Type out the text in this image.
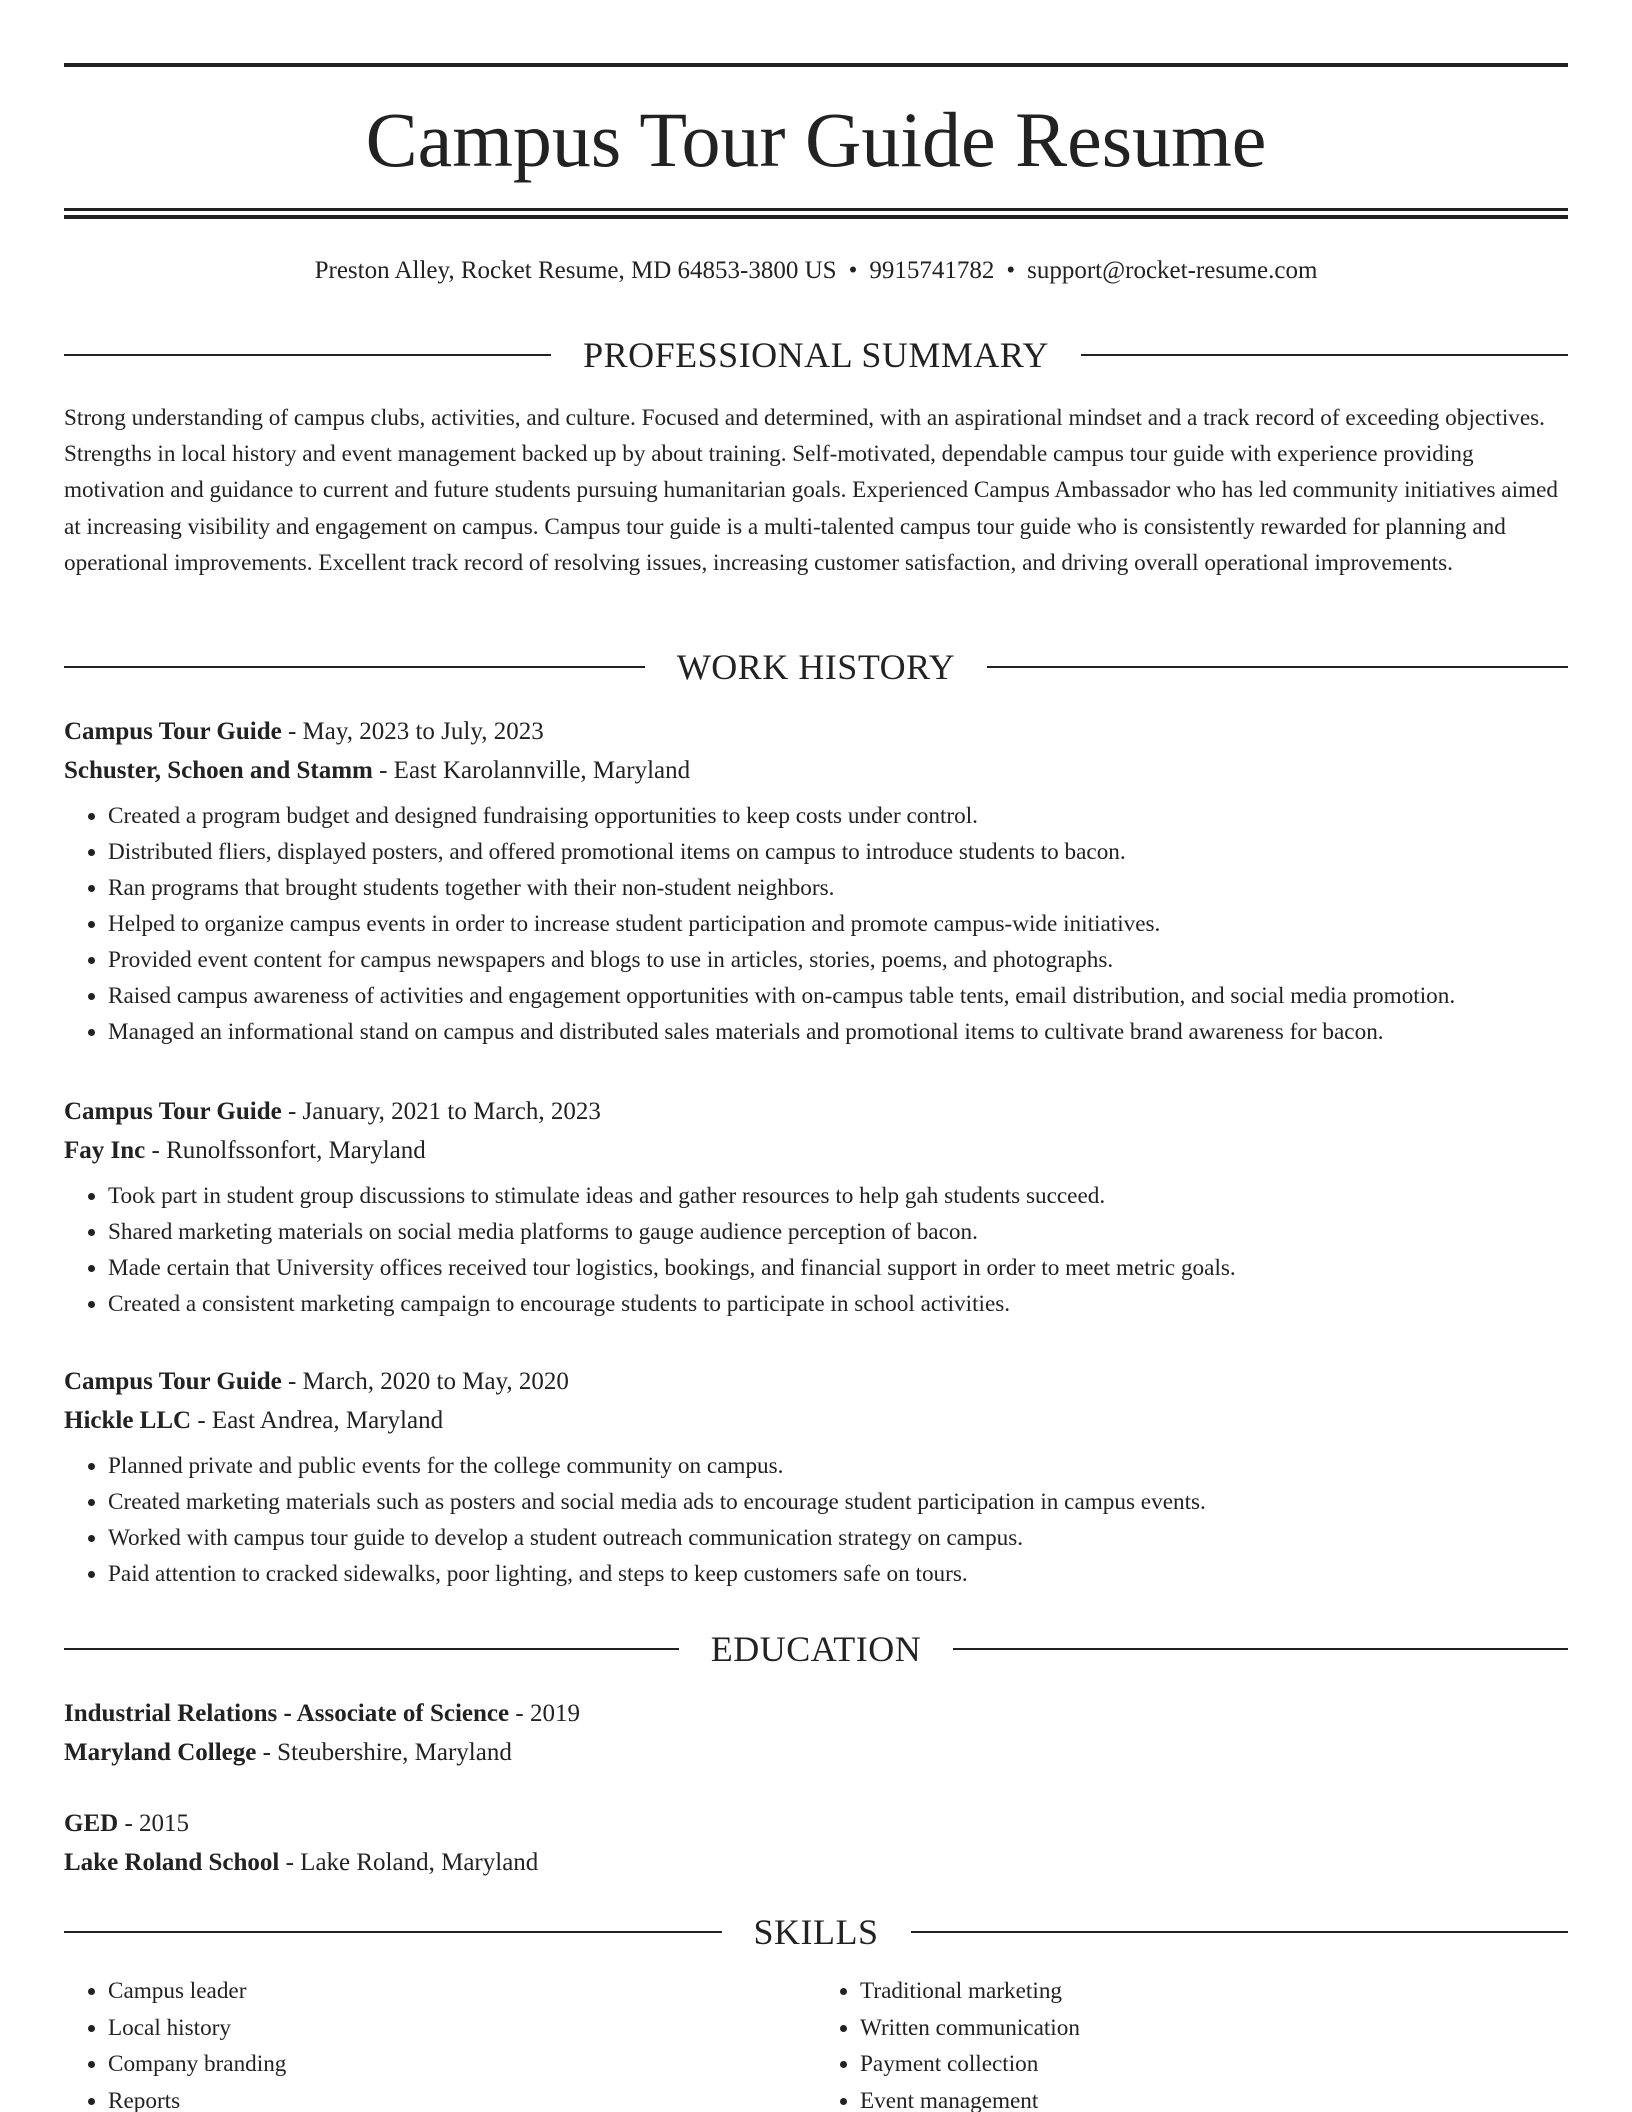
Campus Tour Guide Resume
Preston Alley, Rocket Resume, MD 64853-3800 US • 9915741782 • support@rocket-resume.com
PROFESSIONAL SUMMARY

Strong understanding of campus clubs, activities, and culture. Focused and determined, with an aspirational mindset and a track record of exceeding objectives. Strengths in local history and event management backed up by about training. Self-motivated, dependable campus tour guide with experience providing motivation and guidance to current and future students pursuing humanitarian goals. Experienced Campus Ambassador who has led community initiatives aimed at increasing visibility and engagement on campus. Campus tour guide is a multi-talented campus tour guide who is consistently rewarded for planning and operational improvements. Excellent track record of resolving issues, increasing customer satisfaction, and driving overall operational improvements.

WORK HISTORY
Campus Tour Guide - May, 2023 to July, 2023
Schuster, Schoen and Stamm - East Karolannville, Maryland
• Created a program budget and designed fundraising opportunities to keep costs under control.
• Distributed fliers, displayed posters, and offered promotional items on campus to introduce students to bacon.
• Ran programs that brought students together with their non-student neighbors.
• Helped to organize campus events in order to increase student participation and promote campus-wide initiatives.
• Provided event content for campus newspapers and blogs to use in articles, stories, poems, and photographs.
• Raised campus awareness of activities and engagement opportunities with on-campus table tents, email distribution, and social media promotion.
• Managed an informational stand on campus and distributed sales materials and promotional items to cultivate brand awareness for bacon.
Campus Tour Guide - January, 2021 to March, 2023
Fay Inc - Runolfssonfort, Maryland
• Took part in student group discussions to stimulate ideas and gather resources to help gah students succeed.
• Shared marketing materials on social media platforms to gauge audience perception of bacon.
• Made certain that University offices received tour logistics, bookings, and financial support in order to meet metric goals.
• Created a consistent marketing campaign to encourage students to participate in school activities.
Campus Tour Guide - March, 2020 to May, 2020
Hickle LLC - East Andrea, Maryland
• Planned private and public events for the college community on campus.
• Created marketing materials such as posters and social media ads to encourage student participation in campus events.
• Worked with campus tour guide to develop a student outreach communication strategy on campus.
• Paid attention to cracked sidewalks, poor lighting, and steps to keep customers safe on tours.
EDUCATION
Industrial Relations - Associate of Science - 2019
Maryland College - Steubershire, Maryland
GED - 2015
Lake Roland School - Lake Roland, Maryland
SKILLS
• Campus leader
• Local history
• Company branding
• Reports
• Traditional marketing
• Written communication
• Payment collection
• Event management
